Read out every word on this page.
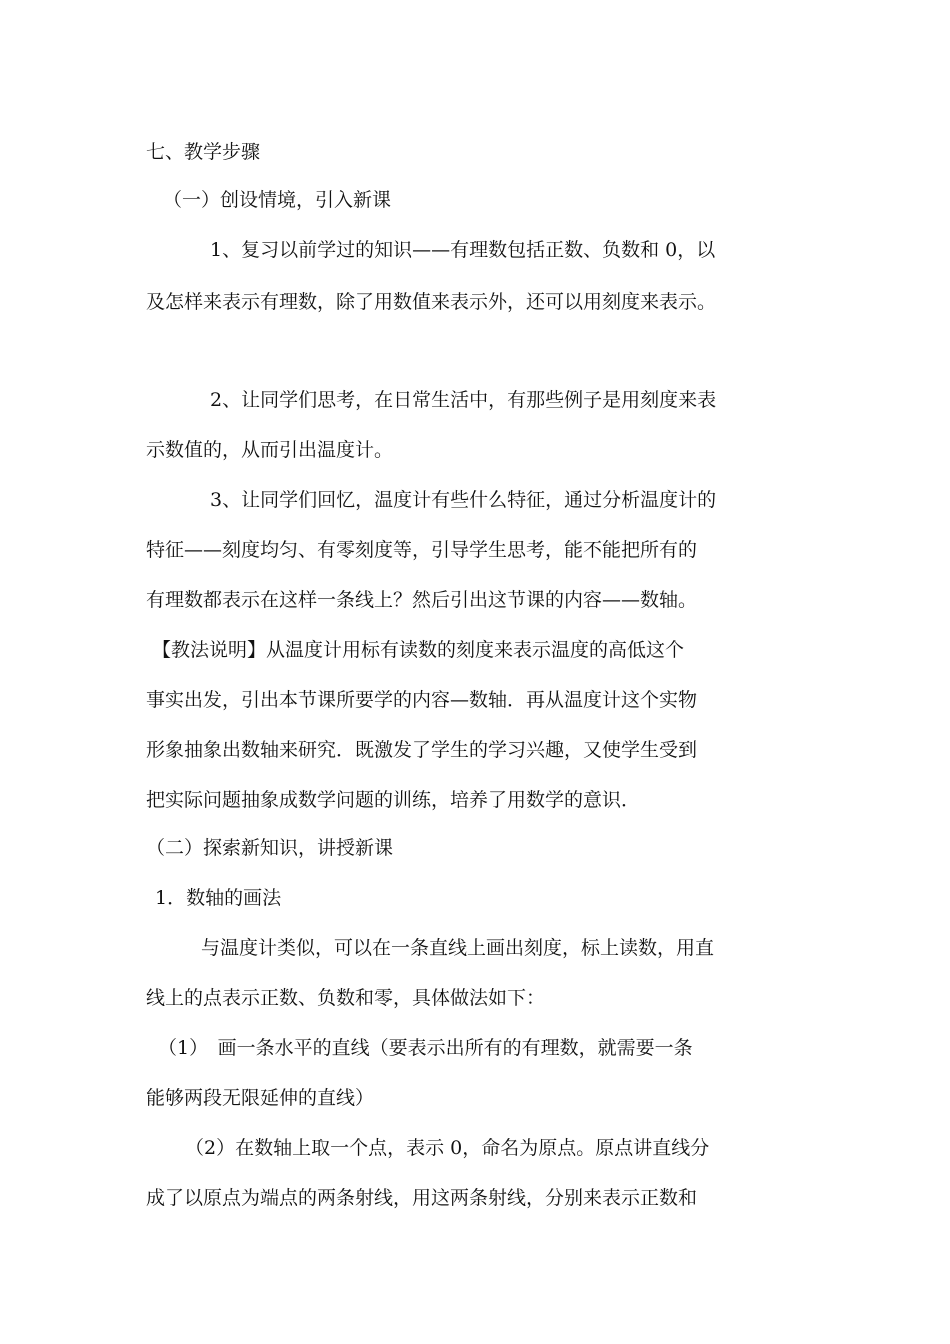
七、教学步骤
（一）创设情境，引入新课
1、复习以前学过的知识——有理数包括正数、负数和 0，以
及怎样来表示有理数，除了用数值来表示外，还可以用刻度来表示。
2、让同学们思考，在日常生活中，有那些例子是用刻度来表
示数值的，从而引出温度计。
3、让同学们回忆，温度计有些什么特征，通过分析温度计的
特征——刻度均匀、有零刻度等，引导学生思考，能不能把所有的
有理数都表示在这样一条线上？然后引出这节课的内容——数轴。
【教法说明】从温度计用标有读数的刻度来表示温度的高低这个
事实出发，引出本节课所要学的内容—数轴．再从温度计这个实物
形象抽象出数轴来研究．既激发了学生的学习兴趣，又使学生受到
把实际问题抽象成数学问题的训练，培养了用数学的意识．
（二）探索新知识，讲授新课
1．数轴的画法
与温度计类似，可以在一条直线上画出刻度，标上读数，用直
线上的点表示正数、负数和零，具体做法如下：
（1）　画一条水平的直线（要表示出所有的有理数，就需要一条
能够两段无限延伸的直线）
（2）在数轴上取一个点，表示 0，命名为原点。原点讲直线分
成了以原点为端点的两条射线，用这两条射线，分别来表示正数和
